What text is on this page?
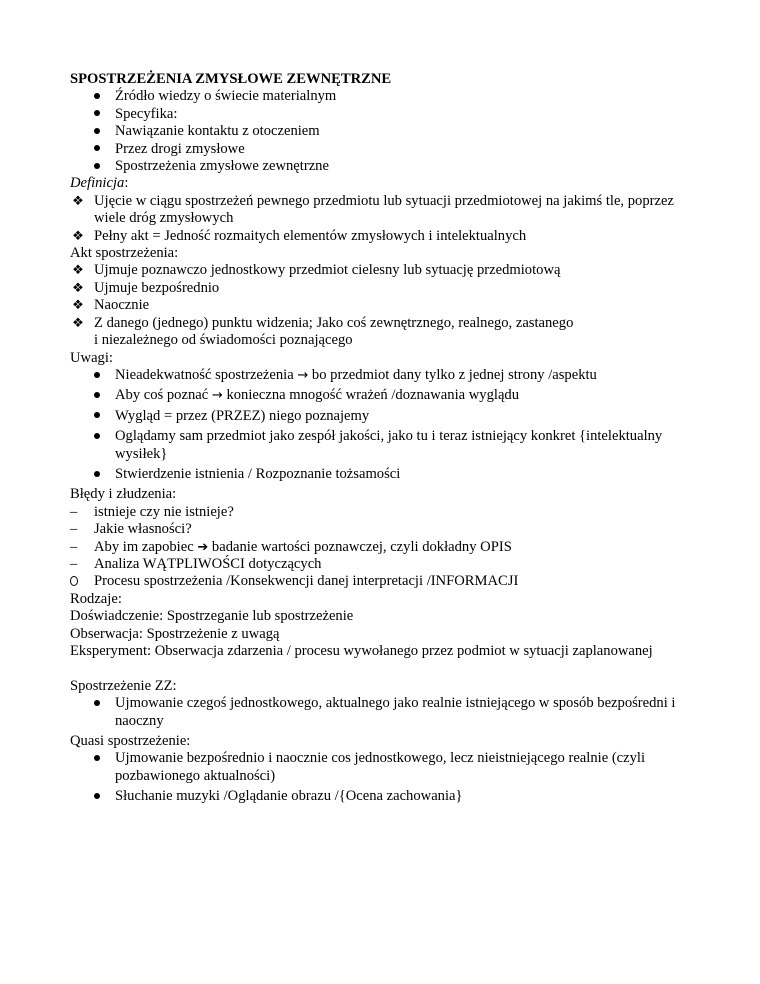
SPOSTRZEŻENIA ZMYSŁOWE ZEWNĘTRZNE

Źródło wiedzy o świecie materialnym
Specyfika:
Nawiązanie kontaktu z otoczeniem
Przez drogi zmysłowe
Spostrzeżenia zmysłowe zewnętrzne

Definicja:

❖ Ujęcie w ciągu spostrzeżeń pewnego przedmiotu lub sytuacji przedmiotowej na jakimś tle, poprzez wiele dróg zmysłowych
❖ Pełny akt = Jedność rozmaitych elementów zmysłowych i intelektualnych

Akt spostrzeżenia:

❖ Ujmuje poznawczo jednostkowy przedmiot cielesny lub sytuację przedmiotową
❖ Ujmuje bezpośrednio
❖ Naocznie
❖ Z danego (jednego) punktu widzenia; Jako coś zewnętrznego, realnego, zastanego
i niezależnego od świadomości poznającego

Uwagi:

Nieadekwatność spostrzeżenia → bo przedmiot dany tylko z jednej strony /aspektu
Aby coś poznać → konieczna mnogość wrażeń /doznawania wyglądu
Wygląd = przez (PRZEZ) niego poznajemy
Oglądamy sam przedmiot jako zespół jakości, jako tu i teraz istniejący konkret {intelektualny wysiłek}
Stwierdzenie istnienia / Rozpoznanie tożsamości

Błędy i złudzenia:

–	istnieje czy nie istnieje?
–	Jakie własności?
–	Aby im zapobiec ➔ badanie wartości poznawczej, czyli dokładny OPIS
–	Analiza WĄTPLIWOŚCI dotyczących
Procesu spostrzeżenia /Konsekwencji danej interpretacji /INFORMACJI

Rodzaje:

Doświadczenie: Spostrzeganie lub spostrzeżenie

Obserwacja: Spostrzeżenie z uwagą

Eksperyment: Obserwacja zdarzenia / procesu wywołanego przez podmiot w sytuacji zaplanowanej

Spostrzeżenie ZZ:

Ujmowanie czegoś jednostkowego, aktualnego jako realnie istniejącego w sposób bezpośredni i naoczny

Quasi spostrzeżenie:

Ujmowanie bezpośrednio i naocznie cos jednostkowego, lecz nieistniejącego realnie (czyli pozbawionego aktualności)
Słuchanie muzyki /Oglądanie obrazu /{Ocena zachowania}
